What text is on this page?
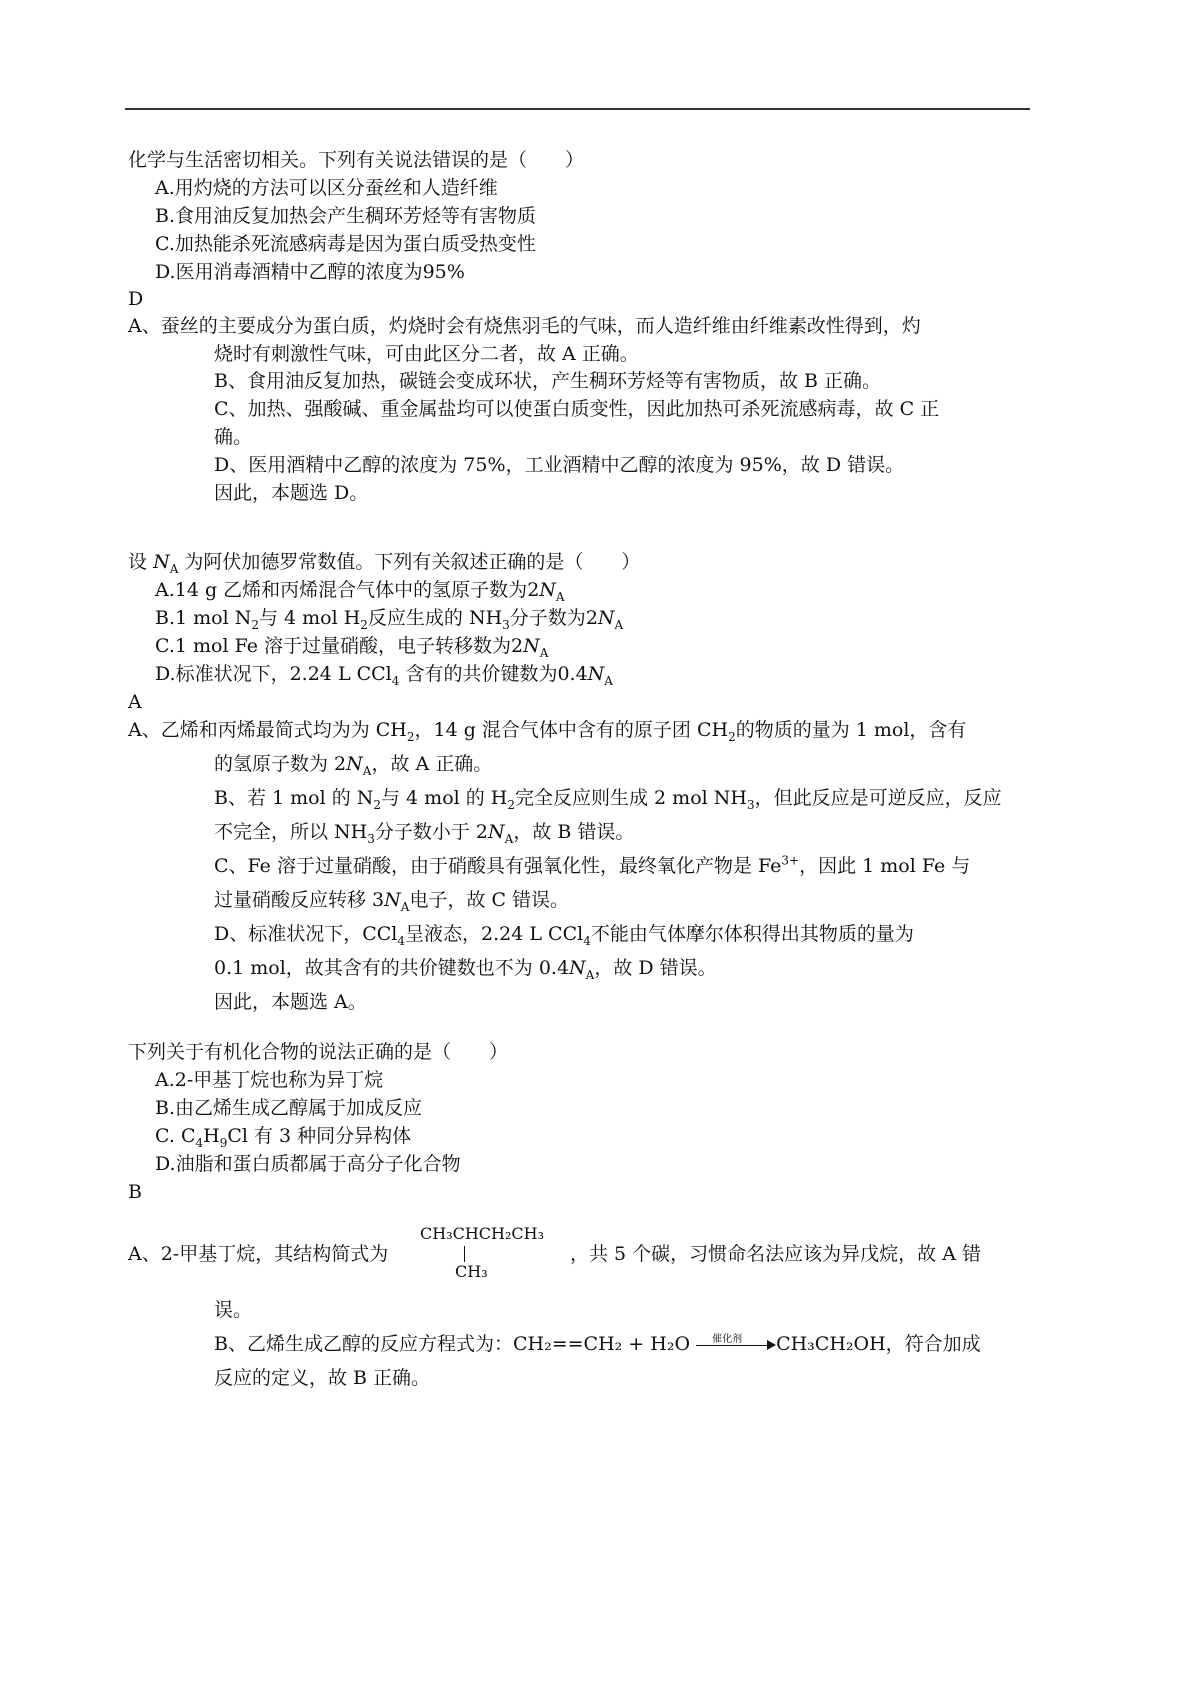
化学与生活密切相关。下列有关说法错误的是（　　）
A.用灼烧的方法可以区分蚕丝和人造纤维
B.食用油反复加热会产生稠环芳烃等有害物质
C.加热能杀死流感病毒是因为蛋白质受热变性
D.医用消毒酒精中乙醇的浓度为95%
D
A、蚕丝的主要成分为蛋白质，灼烧时会有烧焦羽毛的气味，而人造纤维由纤维素改性得到，灼
烧时有刺激性气味，可由此区分二者，故 A 正确。
B、食用油反复加热，碳链会变成环状，产生稠环芳烃等有害物质，故 B 正确。
C、加热、强酸碱、重金属盐均可以使蛋白质变性，因此加热可杀死流感病毒，故 C 正
确。
D、医用酒精中乙醇的浓度为 75%，工业酒精中乙醇的浓度为 95%，故 D 错误。
因此，本题选 D。
设 $N_A$ 为阿伏加德罗常数值。下列有关叙述正确的是（　　）
A.14 g 乙烯和丙烯混合气体中的氢原子数为$2N_A$
B.1 mol $N_2$与 4 mol $H_2$反应生成的 $NH_3$分子数为$2N_A$
C.1 mol Fe 溶于过量硝酸，电子转移数为$2N_A$
D.标准状况下，2.24 L CCl$_4$ 含有的共价键数为$0.4N_A$
A
A、乙烯和丙烯最简式均为为 $CH_2$，14 g 混合气体中含有的原子团 $CH_2$的物质的量为 1 mol，含有
的氢原子数为 $2N_A$，故 A 正确。
B、若 1 mol 的 $N_2$与 4 mol 的 $H_2$完全反应则生成 2 mol $NH_3$，但此反应是可逆反应，反应
不完全，所以 $NH_3$分子数小于 $2N_A$，故 B 错误。
C、Fe 溶于过量硝酸，由于硝酸具有强氧化性，最终氧化产物是 $Fe^{3+}$，因此 1 mol Fe 与
过量硝酸反应转移 $3N_A$电子，故 C 错误。
D、标准状况下，CCl$_4$呈液态，2.24 L CCl$_4$不能由气体摩尔体积得出其物质的量为
0.1 mol，故其含有的共价键数也不为 $0.4N_A$，故 D 错误。
因此，本题选 A。
下列关于有机化合物的说法正确的是（　　）
A.2-甲基丁烷也称为异丁烷
B.由乙烯生成乙醇属于加成反应
C. $C_4H_9Cl$ 有 3 种同分异构体
D.油脂和蛋白质都属于高分子化合物
B
A、2-甲基丁烷，其结构简式为
CH₃CHCH₂CH₃
CH₃
，共 5 个碳，习惯命名法应该为异戊烷，故 A 错
误。
B、乙烯生成乙醇的反应方程式为：CH₂==CH₂ + H₂O 催化剂 CH₃CH₂OH，符合加成
反应的定义，故 B 正确。
